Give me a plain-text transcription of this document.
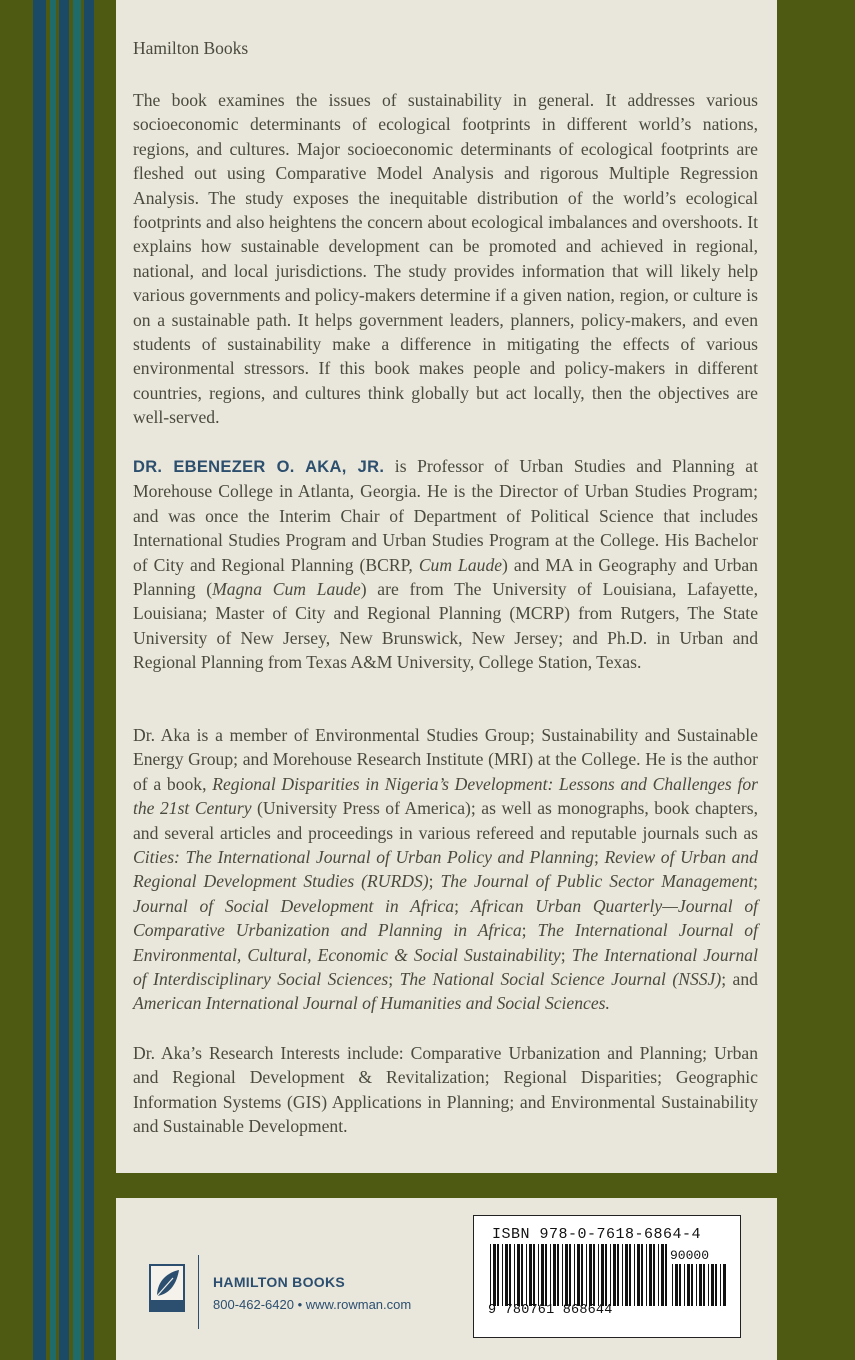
Hamilton Books

The book examines the issues of sustainability in general. It addresses various socioeconomic determinants of ecological footprints in different world’s nations, regions, and cultures. Major socioeconomic determinants of ecological footprints are fleshed out using Comparative Model Analysis and rigorous Multiple Regression Analysis. The study exposes the inequitable distribution of the world’s ecological footprints and also heightens the concern about ecological imbalances and overshoots. It explains how sustainable development can be promoted and achieved in regional, national, and local jurisdictions. The study provides information that will likely help various governments and policy-makers determine if a given nation, region, or culture is on a sustainable path. It helps government leaders, planners, policy-makers, and even students of sustainability make a difference in mitigating the effects of various environmental stressors. If this book makes people and policy-makers in different countries, regions, and cultures think globally but act locally, then the objectives are well-served.

DR. EBENEZER O. AKA, JR. is Professor of Urban Studies and Planning at Morehouse College in Atlanta, Georgia. He is the Director of Urban Studies Program; and was once the Interim Chair of Department of Political Science that includes International Studies Program and Urban Studies Program at the College. His Bachelor of City and Regional Planning (BCRP, Cum Laude) and MA in Geography and Urban Planning (Magna Cum Laude) are from The University of Louisiana, Lafayette, Louisiana; Master of City and Regional Planning (MCRP) from Rutgers, The State University of New Jersey, New Brunswick, New Jersey; and Ph.D. in Urban and Regional Planning from Texas A&M University, College Station, Texas.

Dr. Aka is a member of Environmental Studies Group; Sustainability and Sustainable Energy Group; and Morehouse Research Institute (MRI) at the College. He is the author of a book, Regional Disparities in Nigeria’s Development: Lessons and Challenges for the 21st Century (University Press of America); as well as monographs, book chapters, and several articles and proceedings in various refereed and reputable journals such as Cities: The International Journal of Urban Policy and Planning; Review of Urban and Regional Development Studies (RURDS); The Journal of Public Sector Management; Journal of Social Development in Africa; African Urban Quarterly—Journal of Comparative Urbanization and Planning in Africa; The International Journal of Environmental, Cultural, Economic & Social Sustainability; The International Journal of Interdisciplinary Social Sciences; The National Social Science Journal (NSSJ); and American International Journal of Humanities and Social Sciences.

Dr. Aka’s Research Interests include: Comparative Urbanization and Planning; Urban and Regional Development & Revitalization; Regional Disparities; Geographic Information Systems (GIS) Applications in Planning; and Environmental Sustainability and Sustainable Development.

HAMILTON BOOKS
800-462-6420 • www.rowman.com
ISBN 978-0-7618-6864-4
90000
9 780761 868644
